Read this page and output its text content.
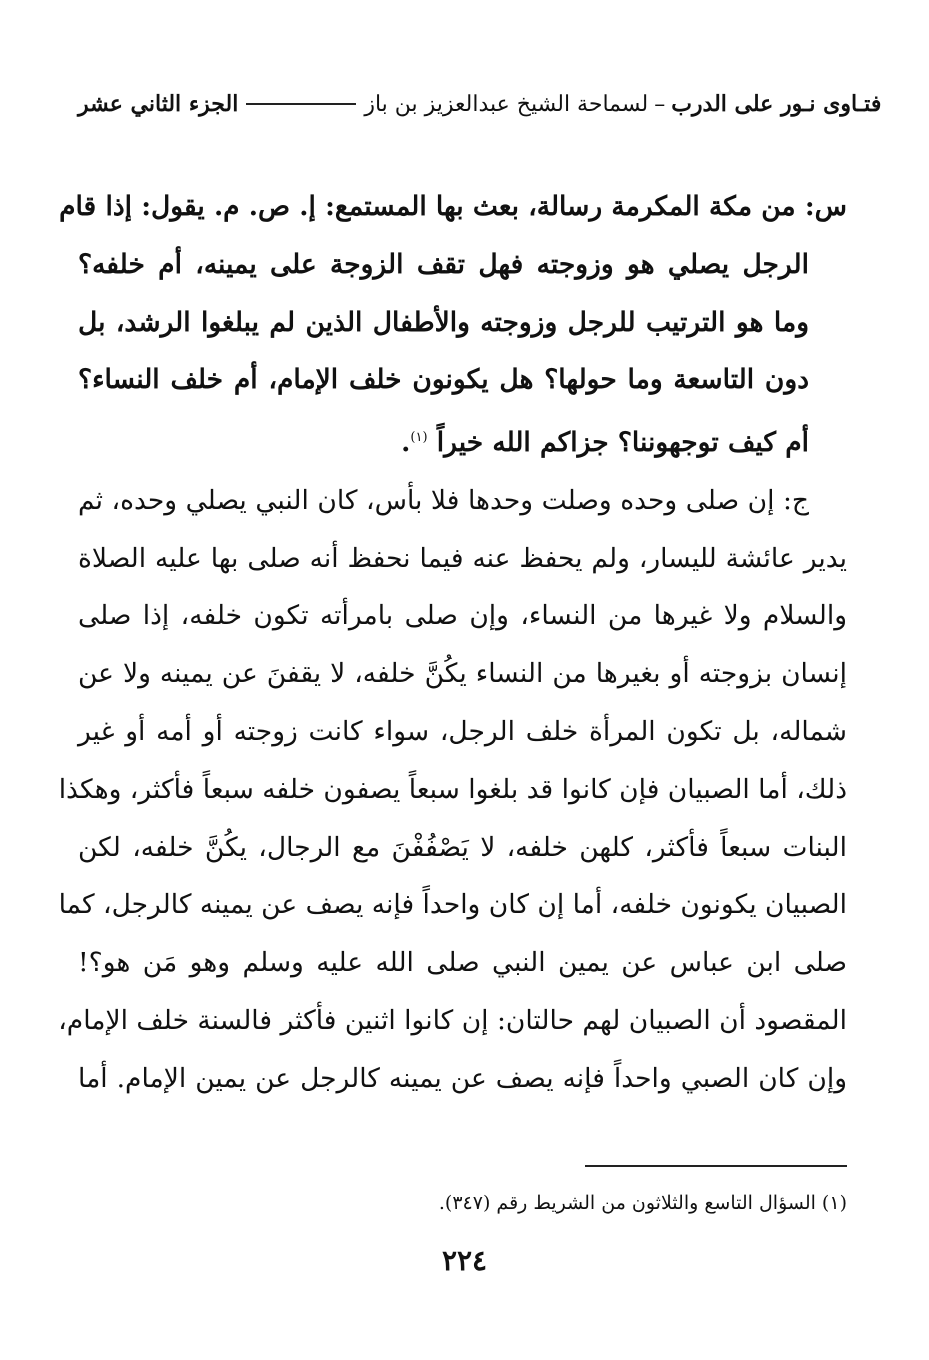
فتـاوى نـور على الدرب
–
لسماحة الشيخ عبدالعزيز بن باز
الجزء الثاني عشر
س: من مكة المكرمة رسالة، بعث بها المستمع: إ. ص. م. يقول: إذا قام
الرجل يصلي هو وزوجته فهل تقف الزوجة على يمينه، أم خلفه؟
وما هو الترتيب للرجل وزوجته والأطفال الذين لم يبلغوا الرشد، بل
دون التاسعة وما حولها؟ هل يكونون خلف الإمام، أم خلف النساء؟
أم كيف توجهوننا؟ جزاكم الله خيراً $^{(١)}$.
ج: إن صلى وحده وصلت وحدها فلا بأس، كان النبي يصلي وحده، ثم
يدير عائشة لليسار، ولم يحفظ عنه فيما نحفظ أنه صلى بها عليه الصلاة
والسلام ولا غيرها من النساء، وإن صلى بامرأته تكون خلفه، إذا صلى
إنسان بزوجته أو بغيرها من النساء يكُنَّ خلفه، لا يقفنَ عن يمينه ولا عن
شماله، بل تكون المرأة خلف الرجل، سواء كانت زوجته أو أمه أو غير
ذلك، أما الصبيان فإن كانوا قد بلغوا سبعاً يصفون خلفه سبعاً فأكثر، وهكذا
البنات سبعاً فأكثر، كلهن خلفه، لا يَصْفُفْنَ مع الرجال، يكُنَّ خلفه، لكن
الصبيان يكونون خلفه، أما إن كان واحداً فإنه يصف عن يمينه كالرجل، كما
صلى ابن عباس عن يمين النبي صلى الله عليه وسلم وهو مَن هو؟!
المقصود أن الصبيان لهم حالتان: إن كانوا اثنين فأكثر فالسنة خلف الإمام،
وإن كان الصبي واحداً فإنه يصف عن يمينه كالرجل عن يمين الإمام. أما
(١) السؤال التاسع والثلاثون من الشريط رقم (٣٤٧).
٢٢٤
